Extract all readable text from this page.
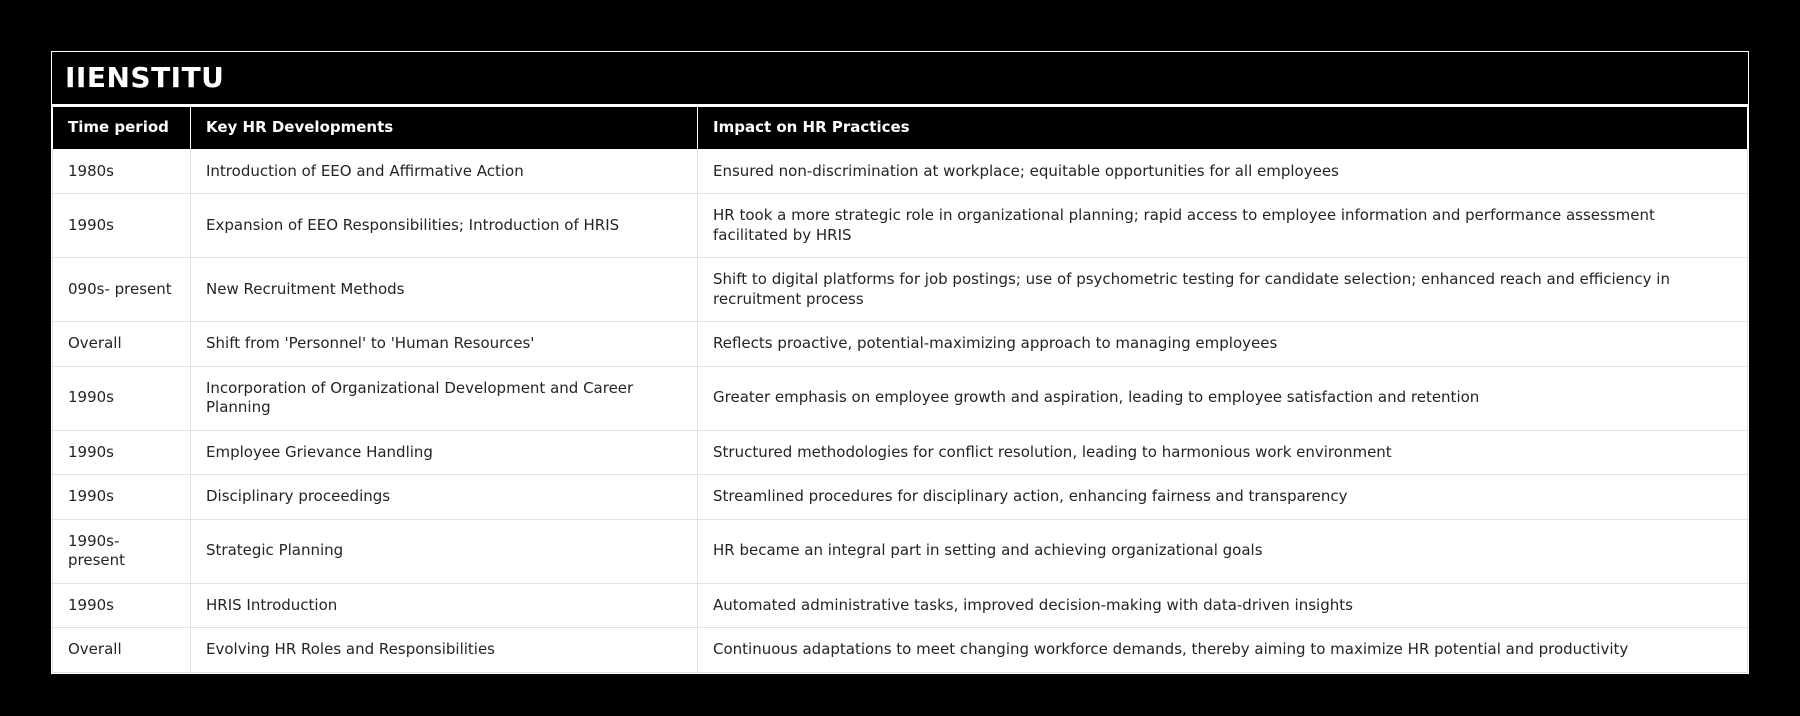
IIENSTITU
Time period	Key HR Developments	Impact on HR Practices
1980s	Introduction of EEO and Affirmative Action	Ensured non-discrimination at workplace; equitable opportunities for all employees
1990s	Expansion of EEO Responsibilities; Introduction of HRIS	HR took a more strategic role in organizational planning; rapid access to employee information and performance assessment facilitated by HRIS
090s- present	New Recruitment Methods	Shift to digital platforms for job postings; use of psychometric testing for candidate selection; enhanced reach and efficiency in recruitment process
Overall	Shift from 'Personnel' to 'Human Resources'	Reflects proactive, potential-maximizing approach to managing employees
1990s	Incorporation of Organizational Development and Career Planning	Greater emphasis on employee growth and aspiration, leading to employee satisfaction and retention
1990s	Employee Grievance Handling	Structured methodologies for conflict resolution, leading to harmonious work environment
1990s	Disciplinary proceedings	Streamlined procedures for disciplinary action, enhancing fairness and transparency
1990s- present	Strategic Planning	HR became an integral part in setting and achieving organizational goals
1990s	HRIS Introduction	Automated administrative tasks, improved decision-making with data-driven insights
Overall	Evolving HR Roles and Responsibilities	Continuous adaptations to meet changing workforce demands, thereby aiming to maximize HR potential and productivity
